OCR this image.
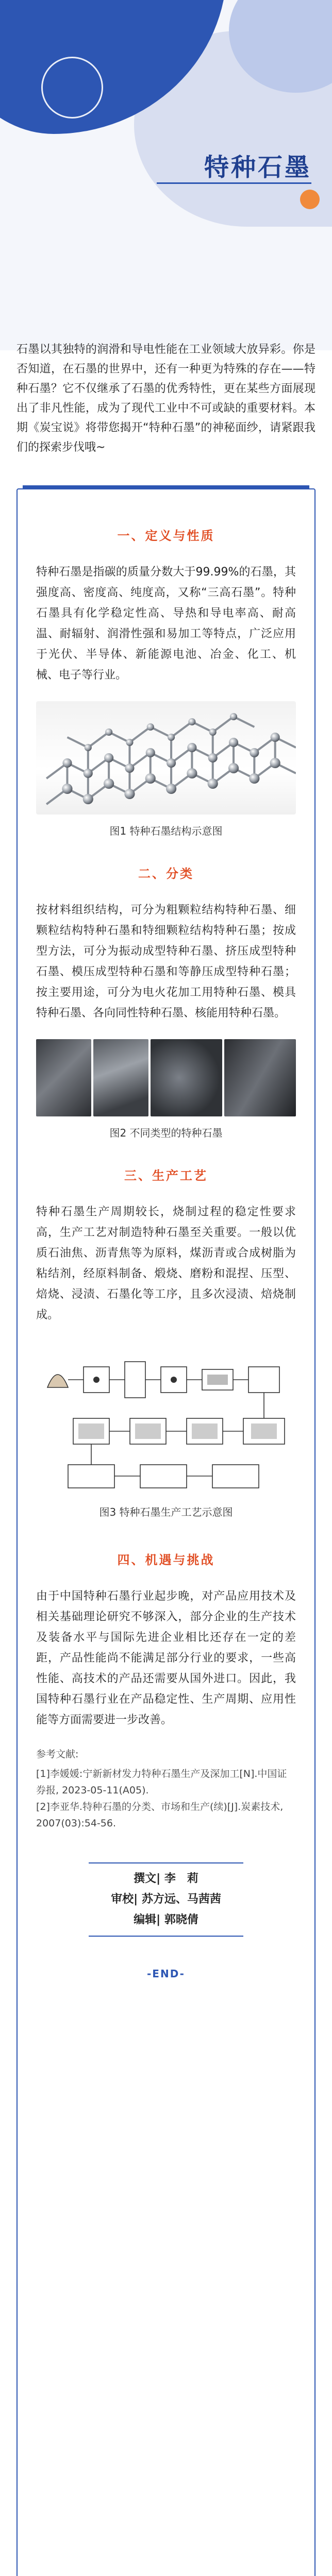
特种石墨

石墨以其独特的润滑和导电性能在工业领域大放异彩。你是否知道，在石墨的世界中，还有一种更为特殊的存在——特种石墨？它不仅继承了石墨的优秀特性，更在某些方面展现出了非凡性能，成为了现代工业中不可或缺的重要材料。本期《炭宝说》将带您揭开“特种石墨”的神秘面纱，请紧跟我们的探索步伐哦~

一、定义与性质

特种石墨是指碳的质量分数大于99.99%的石墨，其强度高、密度高、纯度高，又称“三高石墨”。特种石墨具有化学稳定性高、导热和导电率高、耐高温、耐辐射、润滑性强和易加工等特点，广泛应用于光伏、半导体、新能源电池、冶金、化工、机械、电子等行业。

图1 特种石墨结构示意图
二、分类

按材料组织结构，可分为粗颗粒结构特种石墨、细颗粒结构特种石墨和特细颗粒结构特种石墨；按成型方法，可分为振动成型特种石墨、挤压成型特种石墨、模压成型特种石墨和等静压成型特种石墨；按主要用途，可分为电火花加工用特种石墨、模具特种石墨、各向同性特种石墨、核能用特种石墨。

图2 不同类型的特种石墨
三、生产工艺

特种石墨生产周期较长，烧制过程的稳定性要求高，生产工艺对制造特种石墨至关重要。一般以优质石油焦、沥青焦等为原料，煤沥青或合成树脂为粘结剂，经原料制备、煅烧、磨粉和混捏、压型、焙烧、浸渍、石墨化等工序，且多次浸渍、焙烧制成。

图3 特种石墨生产工艺示意图
四、机遇与挑战

由于中国特种石墨行业起步晚，对产品应用技术及相关基础理论研究不够深入，部分企业的生产技术及装备水平与国际先进企业相比还存在一定的差距，产品性能尚不能满足部分行业的要求，一些高性能、高技术的产品还需要从国外进口。因此，我国特种石墨行业在产品稳定性、生产周期、应用性能等方面需要进一步改善。

参考文献:
[1]李媛媛:宁新新材发力特种石墨生产及深加工[N].中国证券报, 2023-05-11(A05).
[2]李亚华.特种石墨的分类、市场和生产(续)[J].炭素技术, 2007(03):54-56.
撰文| 李　莉
审校| 苏方远、马茜茜
编辑| 郭晓倩
-END-
